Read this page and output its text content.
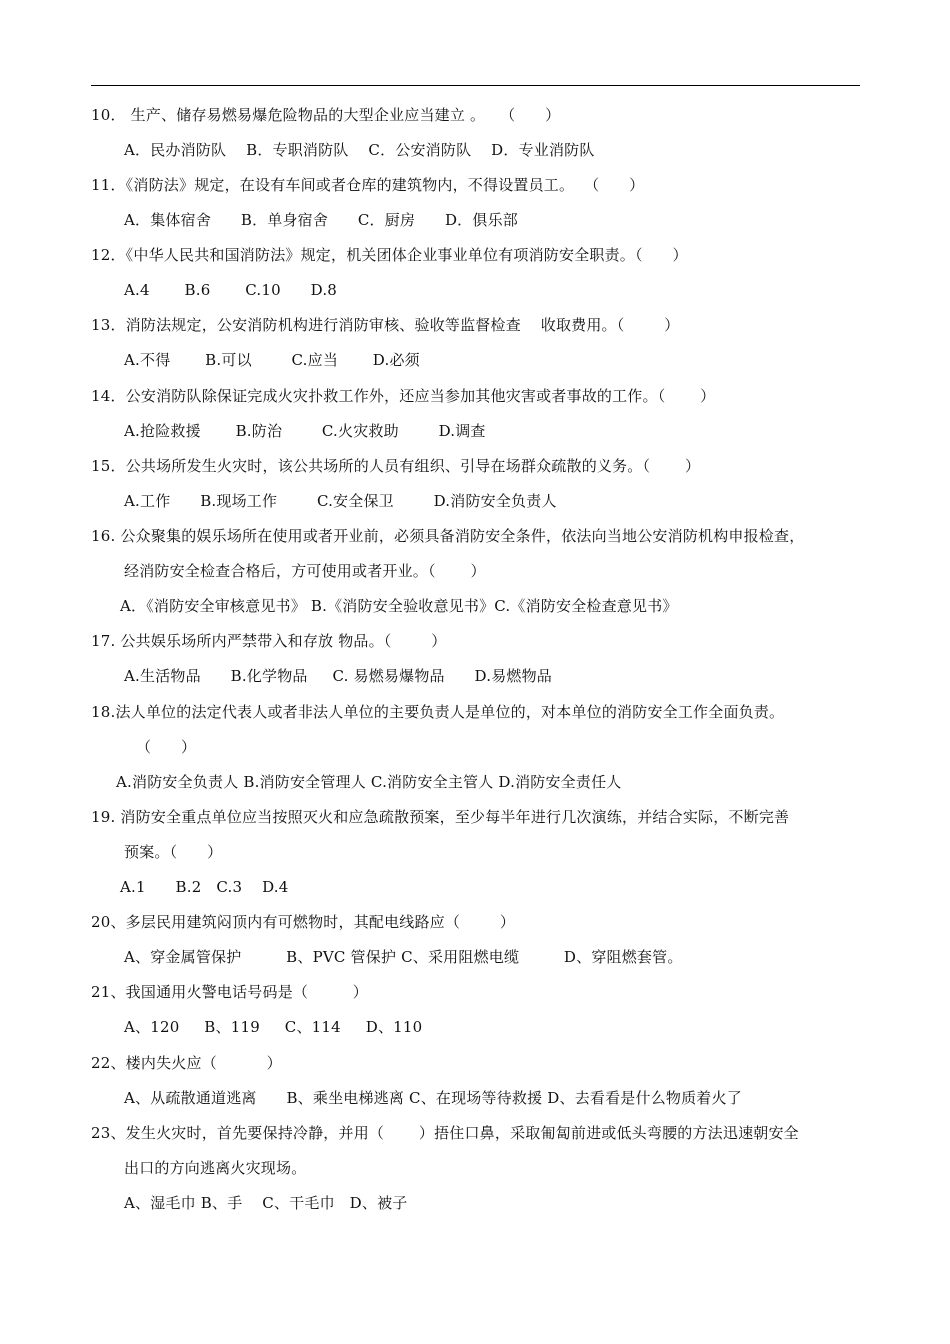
10． 生产、储存易燃易爆危险物品的大型企业应当建立 。   （      ）
A．民办消防队    B．专职消防队    C．公安消防队    D．专业消防队
11．《消防法》规定，在设有车间或者仓库的建筑物内，不得设置员工。  （      ）
A．集体宿舍      B．单身宿舍      C．厨房      D．俱乐部
12．《中华人民共和国消防法》规定，机关团体企业事业单位有项消防安全职责。（      ）
A.4       B.6       C.10      D.8
13．消防法规定，公安消防机构进行消防审核、验收等监督检查    收取费用。（        ）
A.不得       B.可以        C.应当       D.必须
14．公安消防队除保证完成火灾扑救工作外，还应当参加其他灾害或者事故的工作。（       ）
A.抢险救援       B.防治        C.火灾救助        D.调查
15．公共场所发生火灾时，该公共场所的人员有组织、引导在场群众疏散的义务。（       ）
A.工作      B.现场工作        C.安全保卫        D.消防安全负责人
16. 公众聚集的娱乐场所在使用或者开业前，必须具备消防安全条件，依法向当地公安消防机构申报检查，
经消防安全检查合格后，方可使用或者开业。（       ）
A．《消防安全审核意见书》 B.《消防安全验收意见书》C.《消防安全检查意见书》
17. 公共娱乐场所内严禁带入和存放 物品。（        ）
A.生活物品      B.化学物品     C. 易燃易爆物品      D.易燃物品
18.法人单位的法定代表人或者非法人单位的主要负责人是单位的，对本单位的消防安全工作全面负责。
（      ）
A.消防安全负责人 B.消防安全管理人 C.消防安全主管人 D.消防安全责任人
19. 消防安全重点单位应当按照灭火和应急疏散预案，至少每半年进行几次演练，并结合实际，不断完善
预案。（      ）
A.1      B.2   C.3    D.4
20、多层民用建筑闷顶内有可燃物时，其配电线路应（        ）
A、穿金属管保护         B、PVC 管保护 C、采用阻燃电缆         D、穿阻燃套管。
21、我国通用火警电话号码是（         ）
A、120     B、119     C、114     D、110
22、楼内失火应（          ）
A、从疏散通道逃离      B、乘坐电梯逃离 C、在现场等待救援 D、去看看是什么物质着火了
23、发生火灾时，首先要保持冷静，并用（       ）捂住口鼻，采取匍匐前进或低头弯腰的方法迅速朝安全
出口的方向逃离火灾现场。
A、湿毛巾 B、手    C、干毛巾   D、被子
